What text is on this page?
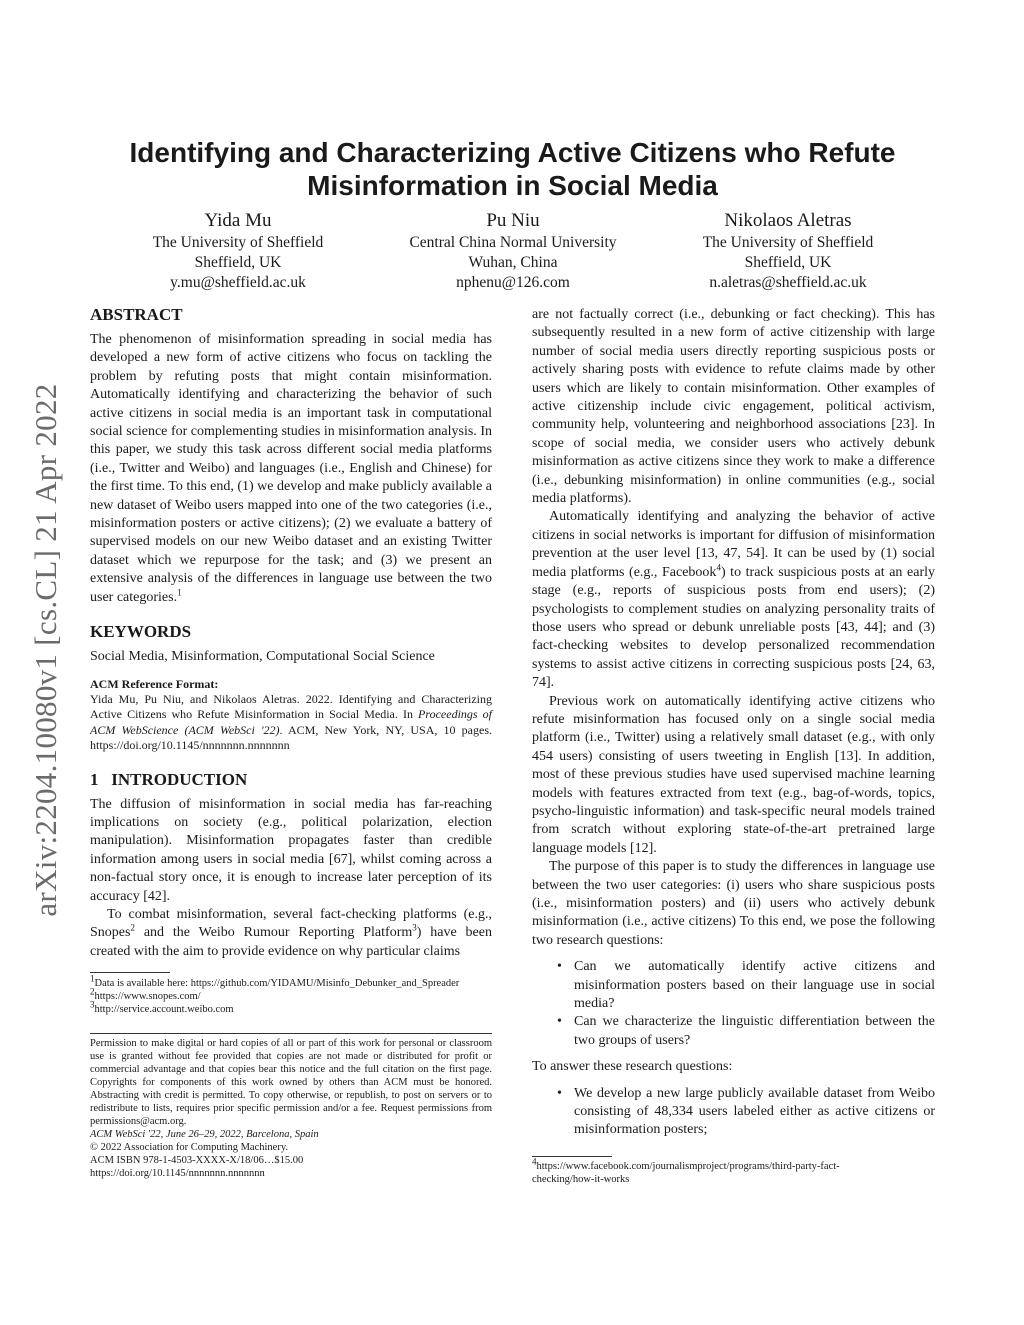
arXiv:2204.10080v1 [cs.CL] 21 Apr 2022
Identifying and Characterizing Active Citizens who Refute
Misinformation in Social Media
Yida Mu
The University of Sheffield
Sheffield, UK
y.mu@sheffield.ac.uk
Pu Niu
Central China Normal University
Wuhan, China
nphenu@126.com
Nikolaos Aletras
The University of Sheffield
Sheffield, UK
n.aletras@sheffield.ac.uk
ABSTRACT

The phenomenon of misinformation spreading in social media has developed a new form of active citizens who focus on tackling the problem by refuting posts that might contain misinformation. Automatically identifying and characterizing the behavior of such active citizens in social media is an important task in computational social science for complementing studies in misinformation analysis. In this paper, we study this task across different social media platforms (i.e., Twitter and Weibo) and languages (i.e., English and Chinese) for the first time. To this end, (1) we develop and make publicly available a new dataset of Weibo users mapped into one of the two categories (i.e., misinformation posters or active citizens); (2) we evaluate a battery of supervised models on our new Weibo dataset and an existing Twitter dataset which we repurpose for the task; and (3) we present an extensive analysis of the differences in language use between the two user categories.$^1$

KEYWORDS

Social Media, Misinformation, Computational Social Science

ACM Reference Format:

Yida Mu, Pu Niu, and Nikolaos Aletras. 2022. Identifying and Characterizing Active Citizens who Refute Misinformation in Social Media. In Proceedings of ACM WebScience (ACM WebSci '22). ACM, New York, NY, USA, 10 pages. https://doi.org/10.1145/nnnnnnn.nnnnnnn

1 INTRODUCTION

The diffusion of misinformation in social media has far-reaching implications on society (e.g., political polarization, election manipulation). Misinformation propagates faster than credible information among users in social media [67], whilst coming across a non-factual story once, it is enough to increase later perception of its accuracy [42].

To combat misinformation, several fact-checking platforms (e.g., Snopes$^2$ and the Weibo Rumour Reporting Platform$^3$) have been created with the aim to provide evidence on why particular claims

$^1$Data is available here: https://github.com/YIDAMU/Misinfo_Debunker_and_Spreader
$^2$https://www.snopes.com/
$^3$http://service.account.weibo.com

Permission to make digital or hard copies of all or part of this work for personal or classroom use is granted without fee provided that copies are not made or distributed for profit or commercial advantage and that copies bear this notice and the full citation on the first page. Copyrights for components of this work owned by others than ACM must be honored. Abstracting with credit is permitted. To copy otherwise, or republish, to post on servers or to redistribute to lists, requires prior specific permission and/or a fee. Request permissions from permissions@acm.org.

ACM WebSci '22, June 26–29, 2022, Barcelona, Spain

© 2022 Association for Computing Machinery.

ACM ISBN 978-1-4503-XXXX-X/18/06…$15.00

https://doi.org/10.1145/nnnnnnn.nnnnnnn

are not factually correct (i.e., debunking or fact checking). This has subsequently resulted in a new form of active citizenship with large number of social media users directly reporting suspicious posts or actively sharing posts with evidence to refute claims made by other users which are likely to contain misinformation. Other examples of active citizenship include civic engagement, political activism, community help, volunteering and neighborhood associations [23]. In scope of social media, we consider users who actively debunk misinformation as active citizens since they work to make a difference (i.e., debunking misinformation) in online communities (e.g., social media platforms).

Automatically identifying and analyzing the behavior of active citizens in social networks is important for diffusion of misinformation prevention at the user level [13, 47, 54]. It can be used by (1) social media platforms (e.g., Facebook$^4$) to track suspicious posts at an early stage (e.g., reports of suspicious posts from end users); (2) psychologists to complement studies on analyzing personality traits of those users who spread or debunk unreliable posts [43, 44]; and (3) fact-checking websites to develop personalized recommendation systems to assist active citizens in correcting suspicious posts [24, 63, 74].

Previous work on automatically identifying active citizens who refute misinformation has focused only on a single social media platform (i.e., Twitter) using a relatively small dataset (e.g., with only 454 users) consisting of users tweeting in English [13]. In addition, most of these previous studies have used supervised machine learning models with features extracted from text (e.g., bag-of-words, topics, psycho-linguistic information) and task-specific neural models trained from scratch without exploring state-of-the-art pretrained large language models [12].

The purpose of this paper is to study the differences in language use between the two user categories: (i) users who share suspicious posts (i.e., misinformation posters) and (ii) users who actively debunk misinformation (i.e., active citizens) To this end, we pose the following two research questions:

• Can we automatically identify active citizens and misinformation posters based on their language use in social media?
• Can we characterize the linguistic differentiation between the two groups of users?

To answer these research questions:

• We develop a new large publicly available dataset from Weibo consisting of 48,334 users labeled either as active citizens or misinformation posters;
$^4$https://www.facebook.com/journalismproject/programs/third-party-fact-checking/how-it-works
